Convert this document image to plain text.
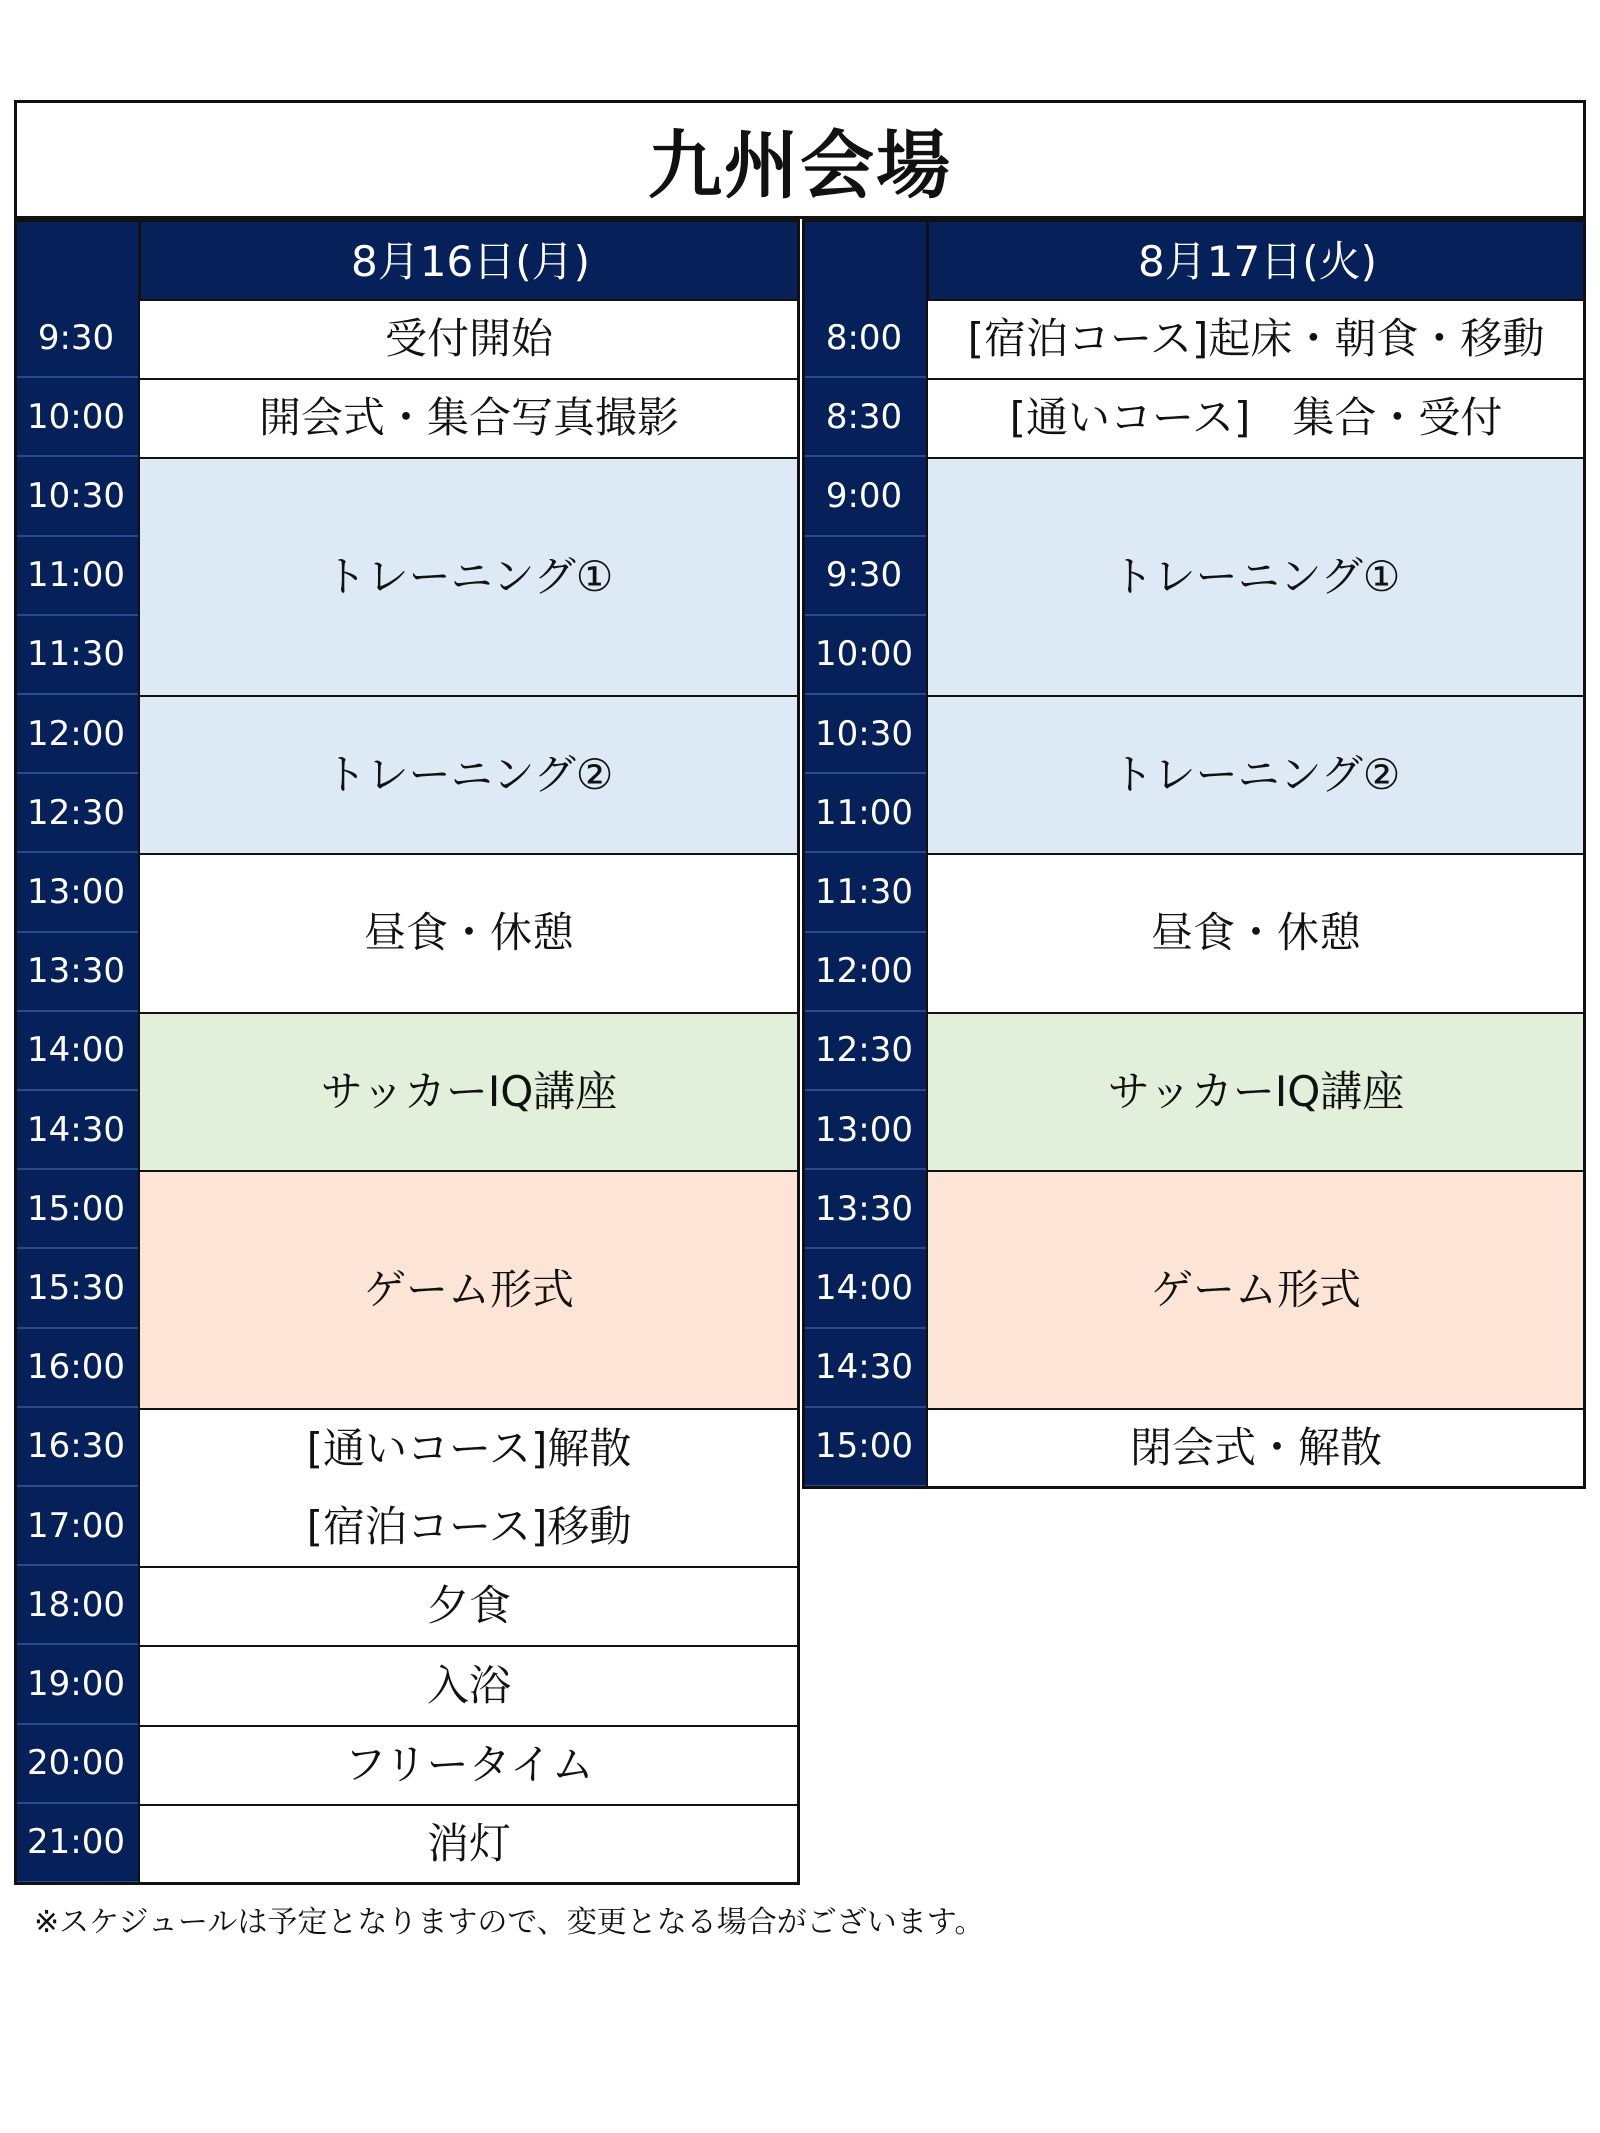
九州会場
8月16日(月)
9:30
10:00
10:30
11:00
11:30
12:00
12:30
13:00
13:30
14:00
14:30
15:00
15:30
16:00
16:30
17:00
18:00
19:00
20:00
21:00
受付開始
開会式・集合写真撮影
トレーニング①
トレーニング②
昼食・休憩
サッカーIQ講座
ゲーム形式
[通いコース]解散
[宿泊コース]移動
夕食
入浴
フリータイム
消灯
8月17日(火)
8:00
8:30
9:00
9:30
10:00
10:30
11:00
11:30
12:00
12:30
13:00
13:30
14:00
14:30
15:00
[宿泊コース]起床・朝食・移動
[通いコース]　集合・受付
トレーニング①
トレーニング②
昼食・休憩
サッカーIQ講座
ゲーム形式
閉会式・解散
※スケジュールは予定となりますので、変更となる場合がございます。
